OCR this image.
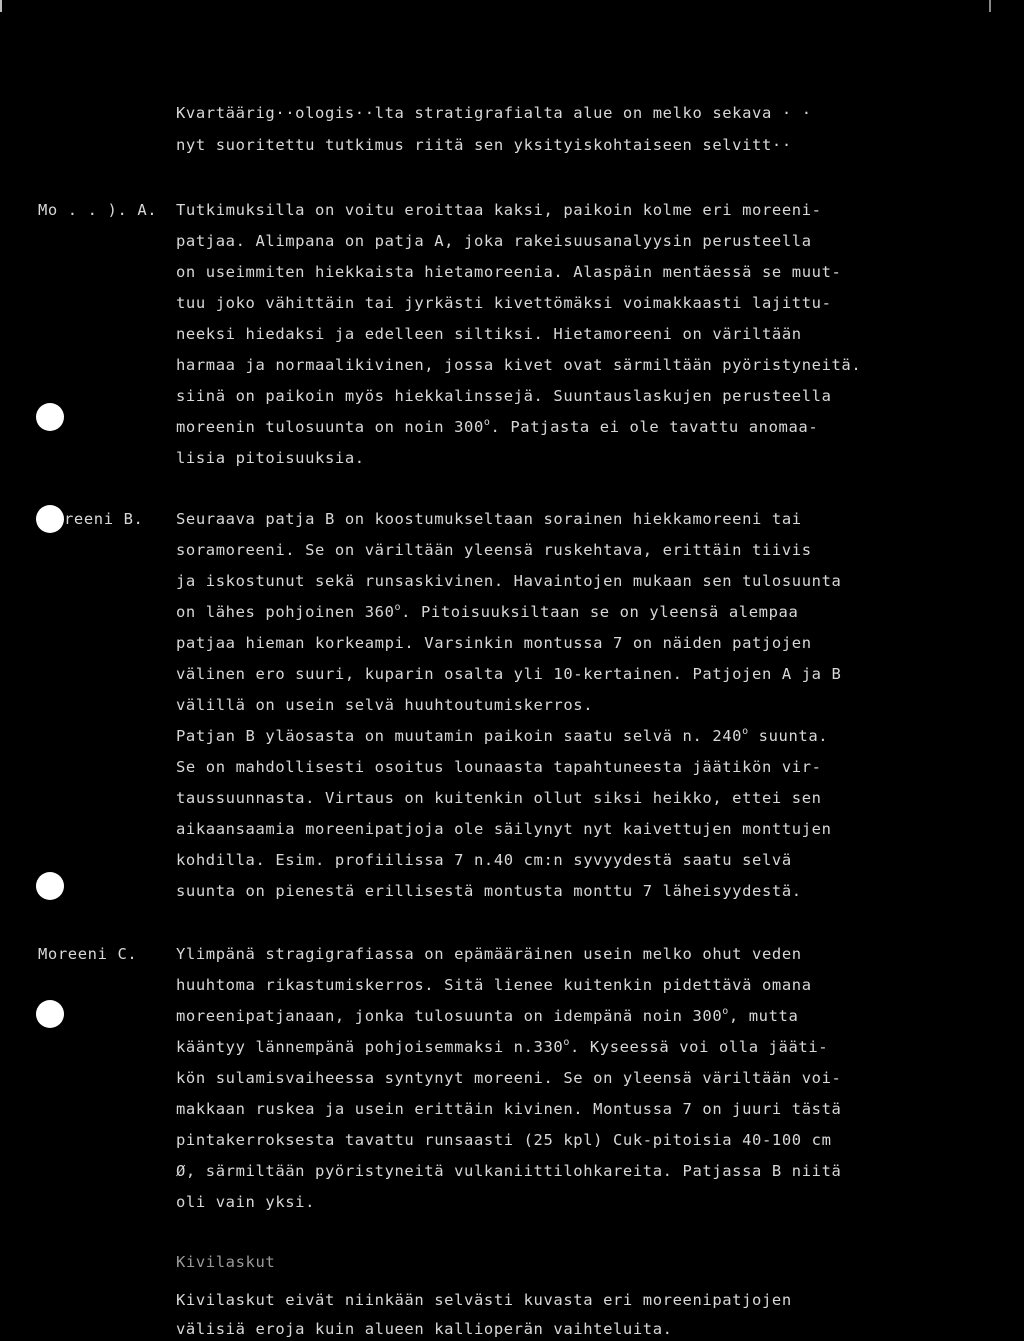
Kvartäärig··ologis··lta stratigrafialta alue on melko sekava · ·
nyt suoritettu tutkimus riitä sen yksityiskohtaiseen selvitt··
Mo . . ). A. Tutkimuksilla on voitu eroittaa kaksi, paikoin kolme eri moreeni-
patjaa. Alimpana on patja A, joka rakeisuusanalyysin perusteella
on useimmiten hiekkaista hietamoreenia. Alaspäin mentäessä se muut-
tuu joko vähittäin tai jyrkästi kivettömäksi voimakkaasti lajittu-
neeksi hiedaksi ja edelleen siltiksi. Hietamoreeni on väriltään
harmaa ja normaalikivinen, jossa kivet ovat särmiltään pyöristyneitä.
siinä on paikoin myös hiekkalinssejä. Suuntauslaskujen perusteella
moreenin tulosuunta on noin 300$^o$. Patjasta ei ole tavattu anomaa-
lisia pitoisuuksia.
reeni B. Seuraava patja B on koostumukseltaan sorainen hiekkamoreeni tai
soramoreeni. Se on väriltään yleensä ruskehtava, erittäin tiivis
ja iskostunut sekä runsaskivinen. Havaintojen mukaan sen tulosuunta
on lähes pohjoinen 360$^o$. Pitoisuuksiltaan se on yleensä alempaa
patjaa hieman korkeampi. Varsinkin montussa 7 on näiden patjojen
välinen ero suuri, kuparin osalta yli 10-kertainen. Patjojen A ja B
välillä on usein selvä huuhtoutumiskerros.
Patjan B yläosasta on muutamin paikoin saatu selvä n. 240$^o$ suunta.
Se on mahdollisesti osoitus lounaasta tapahtuneesta jäätikön vir-
taussuunnasta. Virtaus on kuitenkin ollut siksi heikko, ettei sen
aikaansaamia moreenipatjoja ole säilynyt nyt kaivettujen monttujen
kohdilla. Esim. profiilissa 7 n.40 cm:n syvyydestä saatu selvä
suunta on pienestä erillisestä montusta monttu 7 läheisyydestä.
Moreeni C. Ylimpänä stragigrafiassa on epämääräinen usein melko ohut veden
huuhtoma rikastumiskerros. Sitä lienee kuitenkin pidettävä omana
moreenipatjanaan, jonka tulosuunta on idempänä noin 300$^o$, mutta
kääntyy lännempänä pohjoisemmaksi n.330$^o$. Kyseessä voi olla jääti-
kön sulamisvaiheessa syntynyt moreeni. Se on yleensä väriltään voi-
makkaan ruskea ja usein erittäin kivinen. Montussa 7 on juuri tästä
pintakerroksesta tavattu runsaasti (25 kpl) Cuk-pitoisia 40-100 cm
Ø, särmiltään pyöristyneitä vulkaniittilohkareita. Patjassa B niitä
oli vain yksi.
Kivilaskut
Kivilaskut eivät niinkään selvästi kuvasta eri moreenipatjojen
välisiä eroja kuin alueen kallioperän vaihteluita.
